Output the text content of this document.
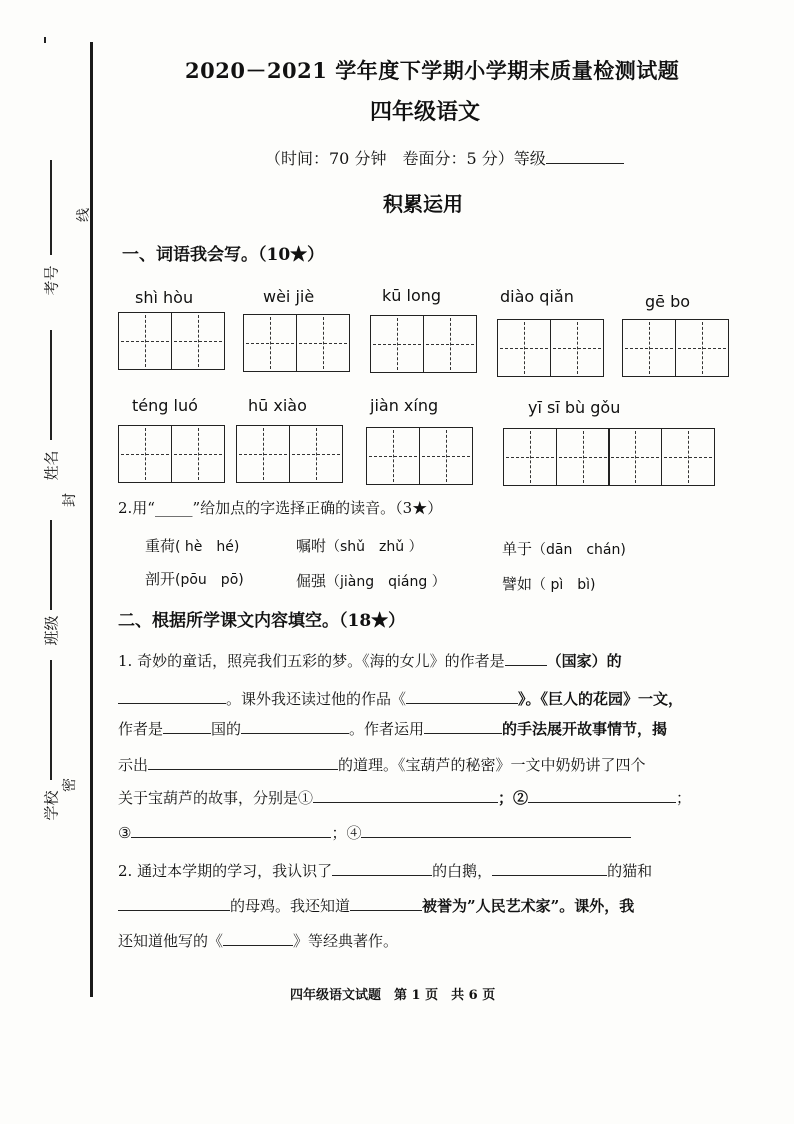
考号
线
姓名
封
班级
学校
密
2020－2021 学年度下学期小学期末质量检测试题
四年级语文
（时间：70 分钟　卷面分：5 分）等级
积累运用
一、词语我会写。（10★）
shì hòu	wèi jiè	kū long	diào qiǎn	gē bo
téng luó	hū xiào	jiàn xíng	yī sī bù gǒu
2.用“_____”给加点的字选择正确的读音。（3★）
重荷( hè　hé)	嘱咐（shǔ　zhǔ ）	单于（dān　chán)
剖开(pōu　pō)	倔强（jiàng　qiáng ）	譬如（ pì　bì)
二、根据所学课文内容填空。（18★）
1. 奇妙的童话，照亮我们五彩的梦。《海的女儿》的作者是	（国家）的
。课外我还读过他的作品《	》。《巨人的花园》一文，
作者是	国的	。作者运用	的手法展开故事情节，揭
示出	的道理。《宝葫芦的秘密》一文中奶奶讲了四个
关于宝葫芦的故事，分别是①	；②	；
③	；④
2. 通过本学期的学习，我认识了	的白鹅，	的猫和
的母鸡。我还知道	被誉为”人民艺术家”。课外，我
还知道他写的《	》等经典著作。
四年级语文试题　第 1 页　共 6 页
